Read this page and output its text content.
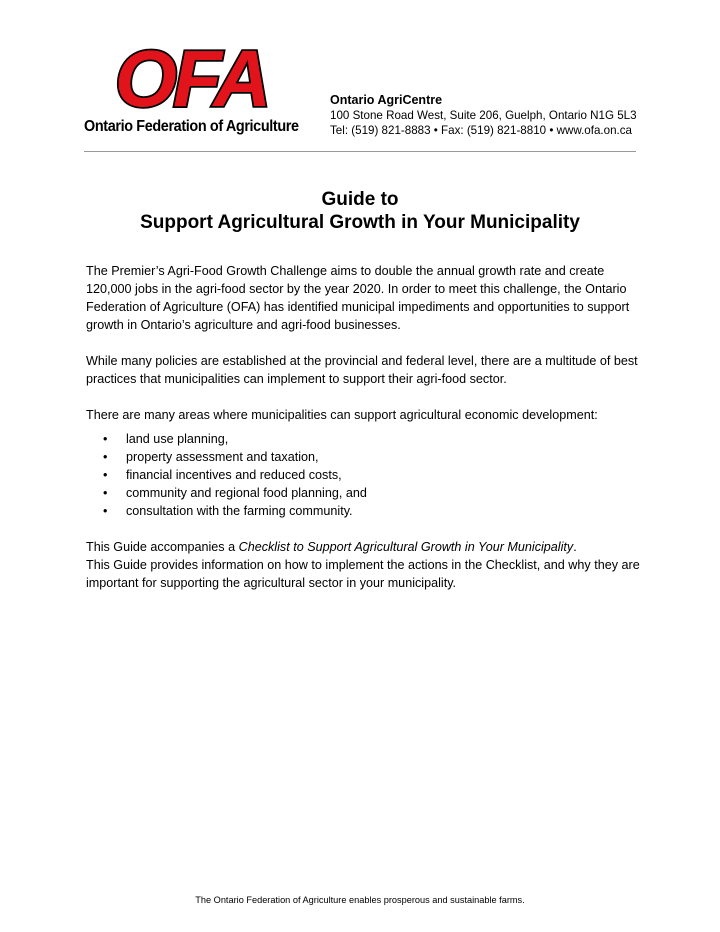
OFA
Ontario Federation of Agriculture
Ontario AgriCentre
100 Stone Road West, Suite 206, Guelph, Ontario N1G 5L3
Tel: (519) 821-8883 • Fax: (519) 821-8810 • www.ofa.on.ca
Guide to
Support Agricultural Growth in Your Municipality

The Premier’s Agri-Food Growth Challenge aims to double the annual growth rate and create 120,000 jobs in the agri-food sector by the year 2020. In order to meet this challenge, the Ontario Federation of Agriculture (OFA) has identified municipal impediments and opportunities to support growth in Ontario’s agriculture and agri-food businesses.

While many policies are established at the provincial and federal level, there are a multitude of best practices that municipalities can implement to support their agri-food sector.

There are many areas where municipalities can support agricultural economic development:

• land use planning,
• property assessment and taxation,
• financial incentives and reduced costs,
• community and regional food planning, and
• consultation with the farming community.

This Guide accompanies a Checklist to Support Agricultural Growth in Your Municipality.

This Guide provides information on how to implement the actions in the Checklist, and why they are important for supporting the agricultural sector in your municipality.

The Ontario Federation of Agriculture enables prosperous and sustainable farms.
